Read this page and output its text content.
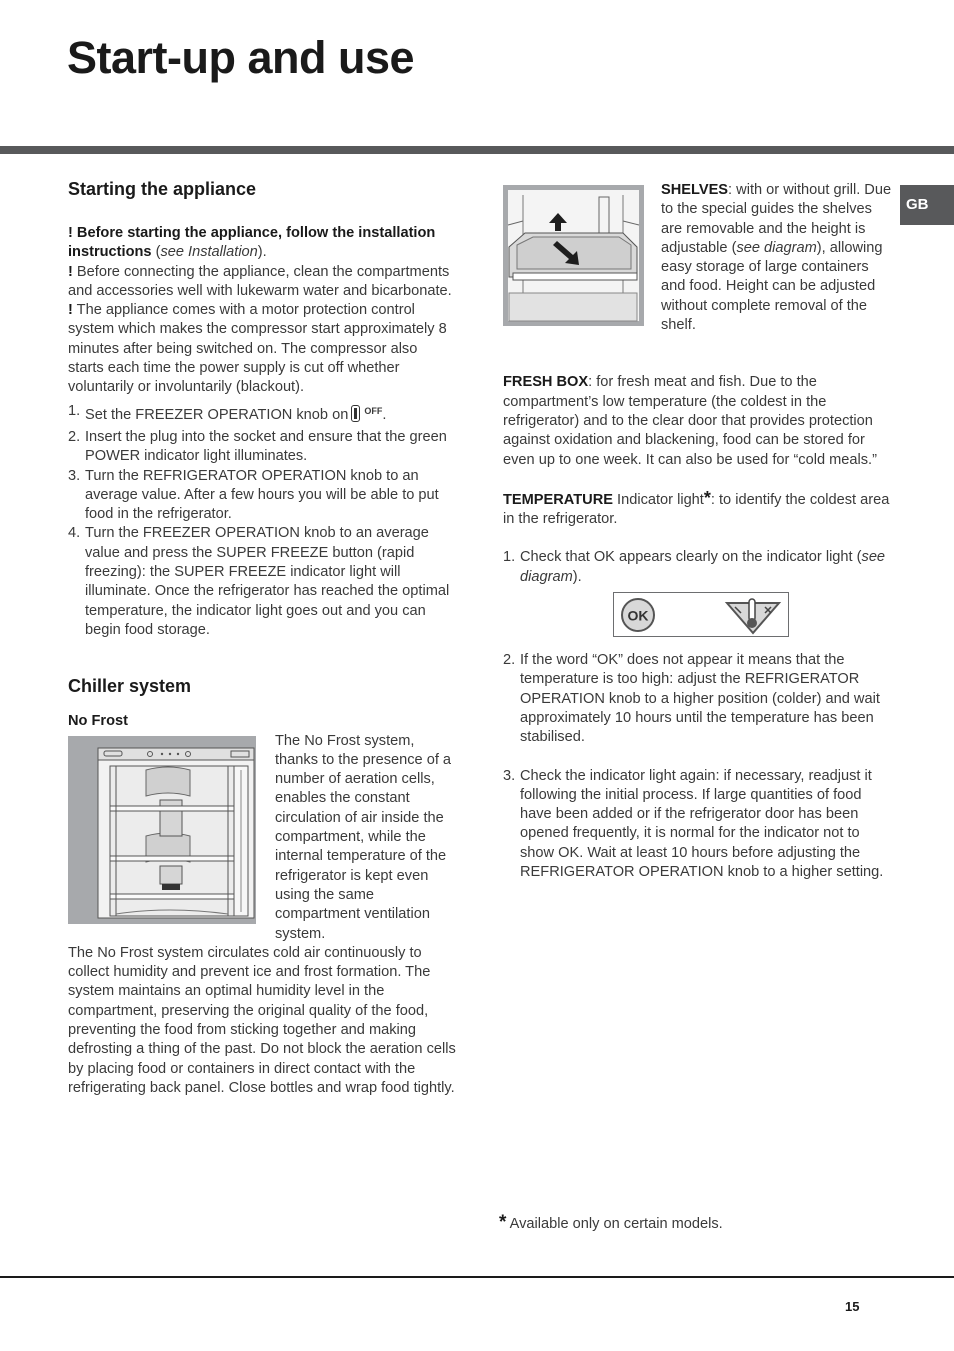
Start-up and use
GB
Starting the appliance

! Before starting the appliance, follow the installation instructions (see Installation).

! Before connecting the appliance, clean the compartments and accessories well with lukewarm water and bicarbonate.

! The appliance comes with a motor protection control system which makes the compressor start approximately 8 minutes after being switched on. The compressor also starts each time the power supply is cut off whether voluntarily or involuntarily (blackout).

1. Set the FREEZER OPERATION knob on $^{OFF}$.
2. Insert the plug into the socket and ensure that the green POWER indicator light illuminates.
3. Turn the REFRIGERATOR OPERATION knob to an average value. After a few hours you will be able to put food in the refrigerator.
4. Turn the FREEZER OPERATION knob to an average value and press the SUPER FREEZE button (rapid freezing): the SUPER FREEZE indicator light will illuminate. Once the refrigerator has reached the optimal temperature, the indicator light goes out and you can begin food storage.
Chiller system
No Frost

The No Frost system, thanks to the presence of a number of aeration cells, enables the constant circulation of air inside the compartment, while the internal temperature of the refrigerator is kept even using the same compartment ventilation system.

The No Frost system circulates cold air continuously to collect humidity and prevent ice and frost formation. The system maintains an optimal humidity level in the compartment, preserving the original quality of the food, preventing the food from sticking together and making defrosting a thing of the past. Do not block the aeration cells by placing food or containers in direct contact with the refrigerating back panel. Close bottles and wrap food tightly.

SHELVES: with or without grill. Due to the special guides the shelves are removable and the height is adjustable (see diagram), allowing easy storage of large containers and food. Height can be adjusted without complete removal of the shelf.

FRESH BOX: for fresh meat and fish. Due to the compartment’s low temperature (the coldest in the refrigerator) and to the clear door that provides protection against oxidation and blackening, food can be stored for even up to one week. It can also be used for “cold meals.”

TEMPERATURE Indicator light*: to identify the coldest area in the refrigerator.

1. Check that OK appears clearly on the indicator light (see diagram).
OK
2. If the word “OK” does not appear it means that the temperature is too high: adjust the REFRIGERATOR OPERATION knob to a higher position (colder) and wait approximately 10 hours until the temperature has been stabilised.
3. Check the indicator light again: if necessary, readjust it following the initial process. If large quantities of food have been added or if the refrigerator door has been opened frequently, it is normal for the indicator not to show OK. Wait at least 10 hours before adjusting the REFRIGERATOR OPERATION knob to a higher setting.
* Available only on certain models.
15
